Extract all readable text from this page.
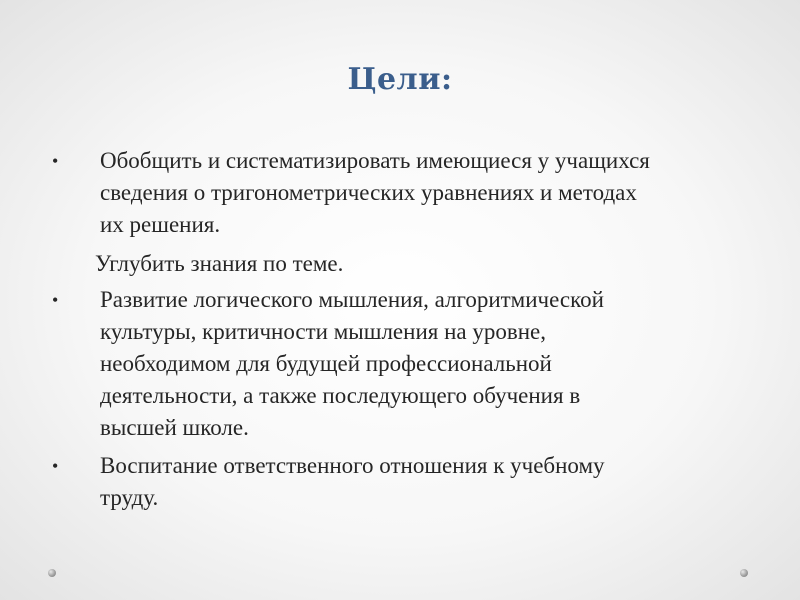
Цели:
• Обобщить и систематизировать имеющиеся у учащихся
сведения о тригонометрических уравнениях и методах
их решения.
Углубить знания по теме.
• Развитие логического мышления, алгоритмической
культуры, критичности мышления на уровне,
необходимом для будущей профессиональной
деятельности, а также последующего обучения в
высшей школе.
• Воспитание ответственного отношения к учебному
труду.
